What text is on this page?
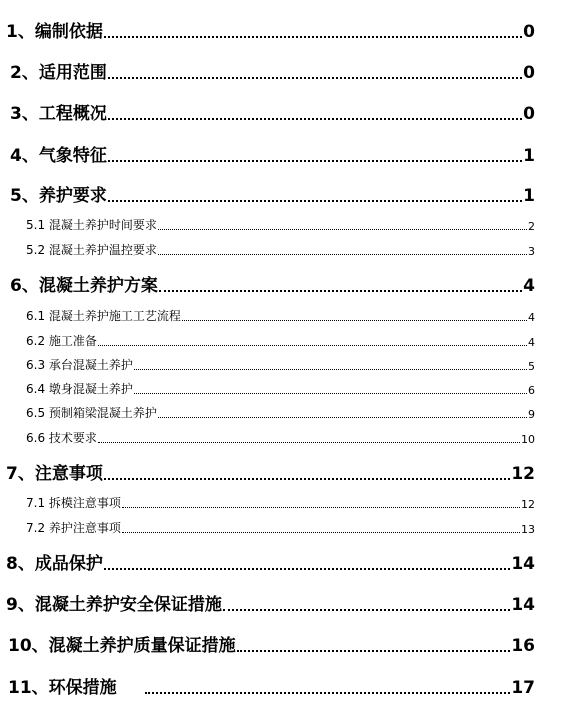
1、编制依据	0
2、适用范围	0
3、工程概况	0
4、气象特征	1
5、养护要求	1
5.1 混凝土养护时间要求	2
5.2 混凝土养护温控要求	3
6、混凝土养护方案	4
6.1 混凝土养护施工工艺流程	4
6.2 施工准备	4
6.3 承台混凝土养护	5
6.4 墩身混凝土养护	6
6.5 预制箱梁混凝土养护	9
6.6 技术要求	10
7、注意事项	12
7.1 拆模注意事项	12
7.2 养护注意事项	13
8、成品保护	14
9、混凝土养护安全保证措施	14
10、混凝土养护质量保证措施	16
11、环保措施	17
